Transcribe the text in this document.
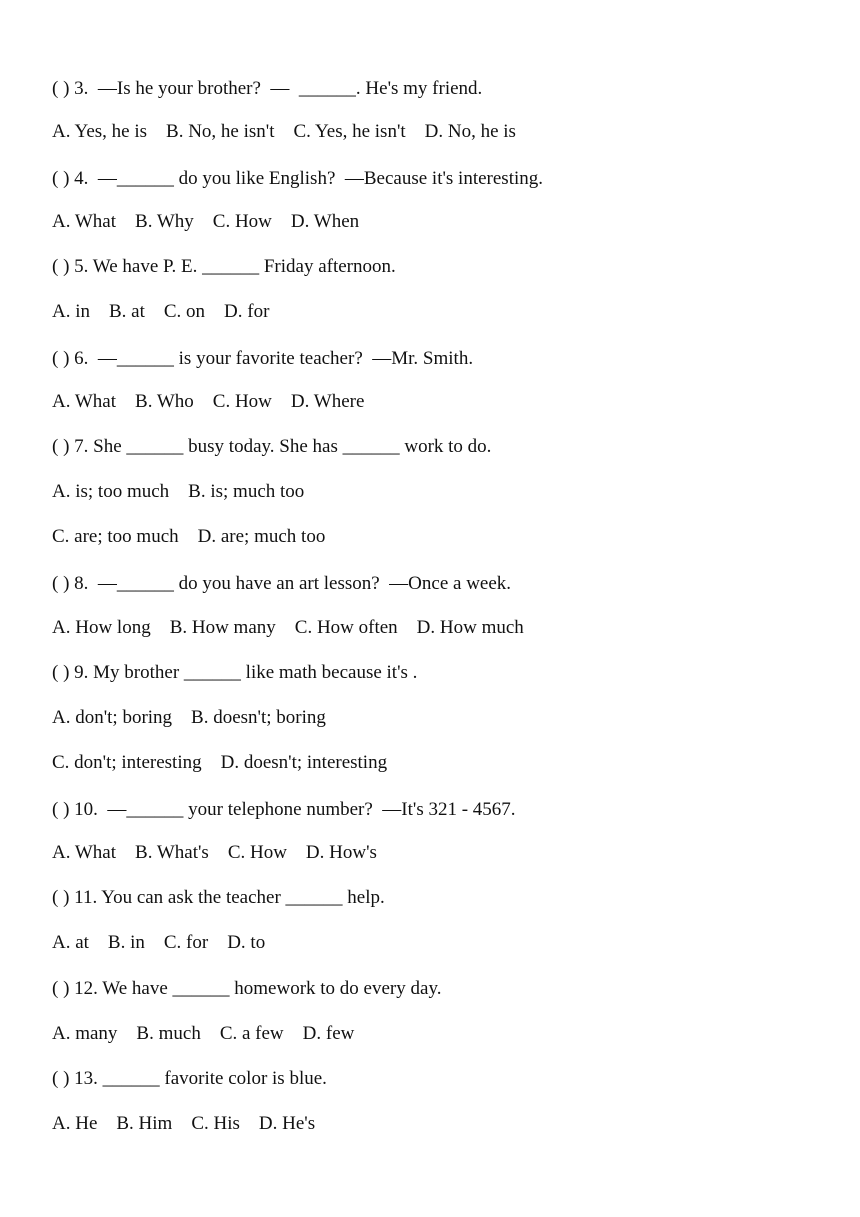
( ) 3.  —Is he your brother?  —  ______. He's my friend.
A. Yes, he is    B. No, he isn't    C. Yes, he isn't    D. No, he is
( ) 4.  —______ do you like English?  —Because it's interesting.
A. What    B. Why    C. How    D. When
( ) 5. We have P. E. ______ Friday afternoon.
A. in    B. at    C. on    D. for
( ) 6.  —______ is your favorite teacher?  —Mr. Smith.
A. What    B. Who    C. How    D. Where
( ) 7. She ______ busy today. She has ______ work to do.
A. is; too much    B. is; much too
C. are; too much    D. are; much too
( ) 8.  —______ do you have an art lesson?  —Once a week.
A. How long    B. How many    C. How often    D. How much
( ) 9. My brother ______ like math because it's .
A. don't; boring    B. doesn't; boring
C. don't; interesting    D. doesn't; interesting
( ) 10.  —______ your telephone number?  —It's 321 - 4567.
A. What    B. What's    C. How    D. How's
( ) 11. You can ask the teacher ______ help.
A. at    B. in    C. for    D. to
( ) 12. We have ______ homework to do every day.
A. many    B. much    C. a few    D. few
( ) 13. ______ favorite color is blue.
A. He    B. Him    C. His    D. He's
